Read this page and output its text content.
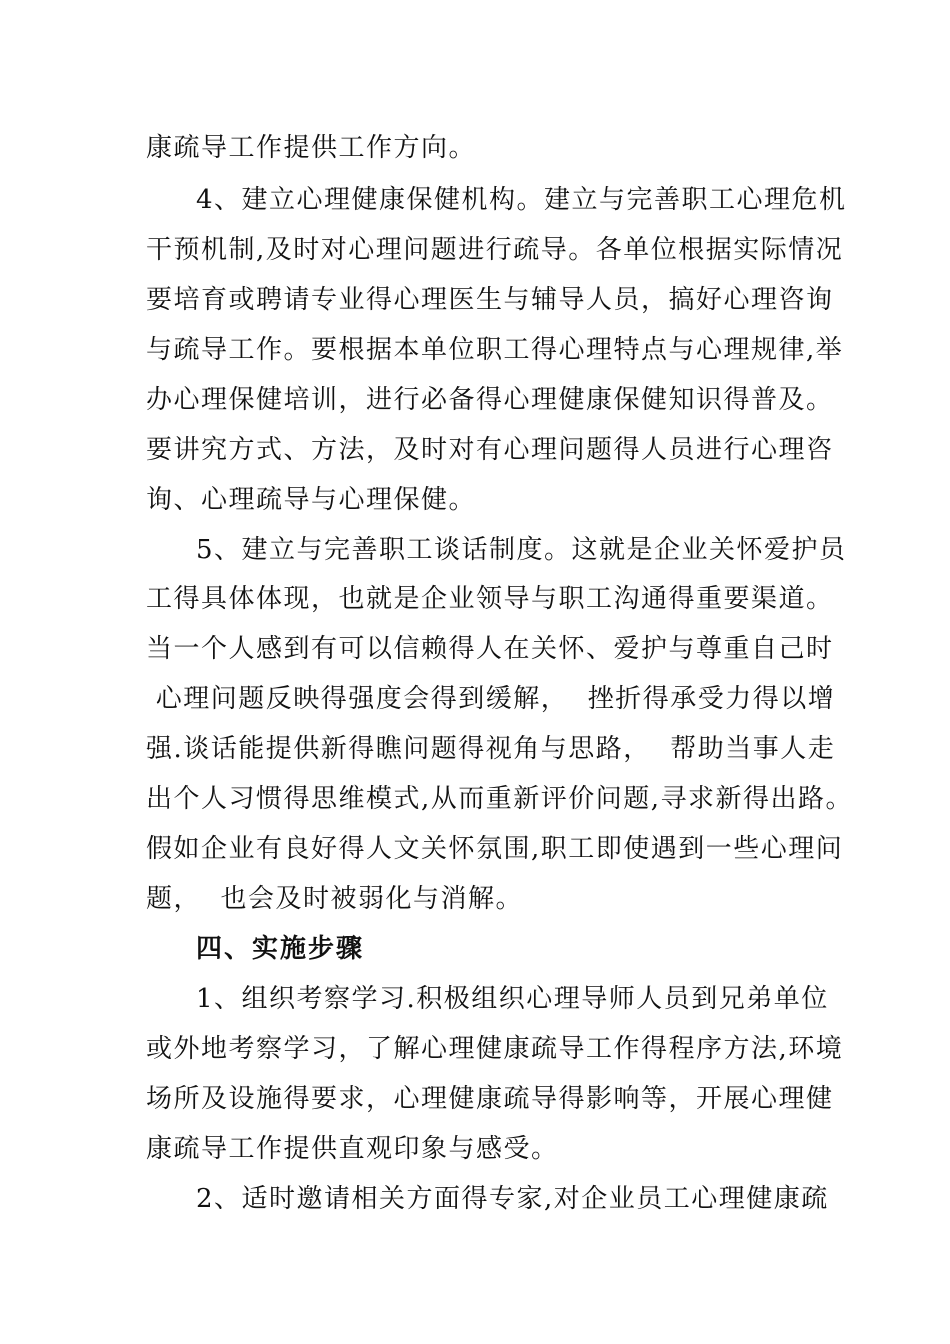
康疏导工作提供工作方向。
4、建立心理健康保健机构。建立与完善职工心理危机
干预机制,及时对心理问题进行疏导。各单位根据实际情况
要培育或聘请专业得心理医生与辅导人员，搞好心理咨询
与疏导工作。要根据本单位职工得心理特点与心理规律,举
办心理保健培训，进行必备得心理健康保健知识得普及。
要讲究方式、方法，及时对有心理问题得人员进行心理咨
询、心理疏导与心理保健。
5、建立与完善职工谈话制度。这就是企业关怀爱护员
工得具体体现，也就是企业领导与职工沟通得重要渠道。
当一个人感到有可以信赖得人在关怀、爱护与尊重自己时
心理问题反映得强度会得到缓解，  挫折得承受力得以增
强.谈话能提供新得瞧问题得视角与思路，  帮助当事人走
出个人习惯得思维模式,从而重新评价问题,寻求新得出路。
假如企业有良好得人文关怀氛围,职工即使遇到一些心理问
题，  也会及时被弱化与消解。
四、实施步骤
1、组织考察学习.积极组织心理导师人员到兄弟单位
或外地考察学习，了解心理健康疏导工作得程序方法,环境
场所及设施得要求，心理健康疏导得影响等，开展心理健
康疏导工作提供直观印象与感受。
2、适时邀请相关方面得专家,对企业员工心理健康疏
